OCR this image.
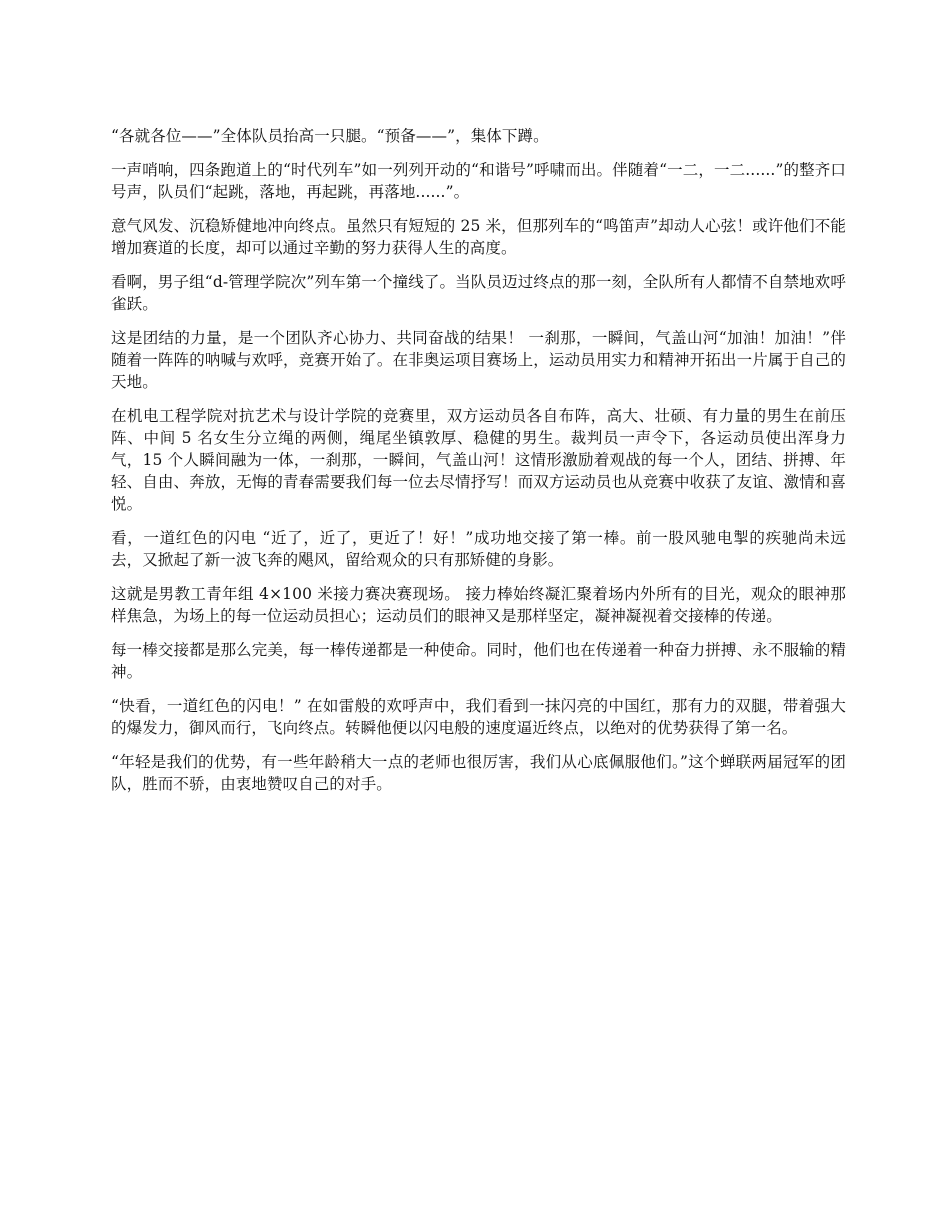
“各就各位——”全体队员抬高一只腿。“预备——”，集体下蹲。

一声哨响，四条跑道上的“时代列车”如一列列开动的“和谐号”呼啸而出。伴随着“一二，一二......”的整齐口号声，队员们“起跳，落地，再起跳，再落地......”。

意气风发、沉稳矫健地冲向终点。虽然只有短短的 25 米，但那列车的“鸣笛声”却动人心弦！或许他们不能增加赛道的长度，却可以通过辛勤的努力获得人生的高度。

看啊，男子组“d-管理学院次”列车第一个撞线了。当队员迈过终点的那一刻，全队所有人都情不自禁地欢呼雀跃。

这是团结的力量，是一个团队齐心协力、共同奋战的结果！ 一刹那，一瞬间，气盖山河“加油！加油！”伴随着一阵阵的呐喊与欢呼，竞赛开始了。在非奥运项目赛场上，运动员用实力和精神开拓出一片属于自己的天地。

在机电工程学院对抗艺术与设计学院的竞赛里，双方运动员各自布阵，高大、壮硕、有力量的男生在前压阵、中间 5 名女生分立绳的两侧，绳尾坐镇敦厚、稳健的男生。裁判员一声令下，各运动员使出浑身力气，15 个人瞬间融为一体，一刹那，一瞬间，气盖山河！这情形激励着观战的每一个人，团结、拼搏、年轻、自由、奔放，无悔的青春需要我们每一位去尽情抒写！而双方运动员也从竞赛中收获了友谊、激情和喜悦。

看，一道红色的闪电 “近了，近了，更近了！好！”成功地交接了第一棒。前一股风驰电掣的疾驰尚未远去，又掀起了新一波飞奔的飓风，留给观众的只有那矫健的身影。

这就是男教工青年组 4×100 米接力赛决赛现场。 接力棒始终凝汇聚着场内外所有的目光，观众的眼神那样焦急，为场上的每一位运动员担心；运动员们的眼神又是那样坚定，凝神凝视着交接棒的传递。

每一棒交接都是那么完美，每一棒传递都是一种使命。同时，他们也在传递着一种奋力拼搏、永不服输的精神。

“快看，一道红色的闪电！” 在如雷般的欢呼声中，我们看到一抹闪亮的中国红，那有力的双腿，带着强大的爆发力，御风而行，飞向终点。转瞬他便以闪电般的速度逼近终点，以绝对的优势获得了第一名。

“年轻是我们的优势，有一些年龄稍大一点的老师也很厉害，我们从心底佩服他们。”这个蝉联两届冠军的团队，胜而不骄，由衷地赞叹自己的对手。
